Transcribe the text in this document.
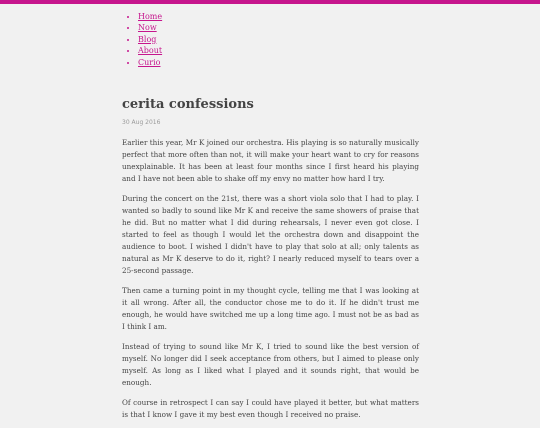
• Home
• Now
• Blog
• About
• Curio
cerita confessions
30 Aug 2016

Earlier this year, Mr K joined our orchestra. His playing is so naturally musically perfect that more often than not, it will make your heart want to cry for reasons unexplainable. It has been at least four months since I first heard his playing and I have not been able to shake off my envy no matter how hard I try.

During the concert on the 21st, there was a short viola solo that I had to play. I wanted so badly to sound like Mr K and receive the same showers of praise that he did. But no matter what I did during rehearsals, I never even got close. I started to feel as though I would let the orchestra down and disappoint the audience to boot. I wished I didn't have to play that solo at all; only talents as natural as Mr K deserve to do it, right? I nearly reduced myself to tears over a 25-second passage.

Then came a turning point in my thought cycle, telling me that I was looking at it all wrong. After all, the conductor chose me to do it. If he didn't trust me enough, he would have switched me up a long time ago. I must not be as bad as I think I am.

Instead of trying to sound like Mr K, I tried to sound like the best version of myself. No longer did I seek acceptance from others, but I aimed to please only myself. As long as I liked what I played and it sounds right, that would be enough.

Of course in retrospect I can say I could have played it better, but what matters is that I know I gave it my best even though I received no praise.
